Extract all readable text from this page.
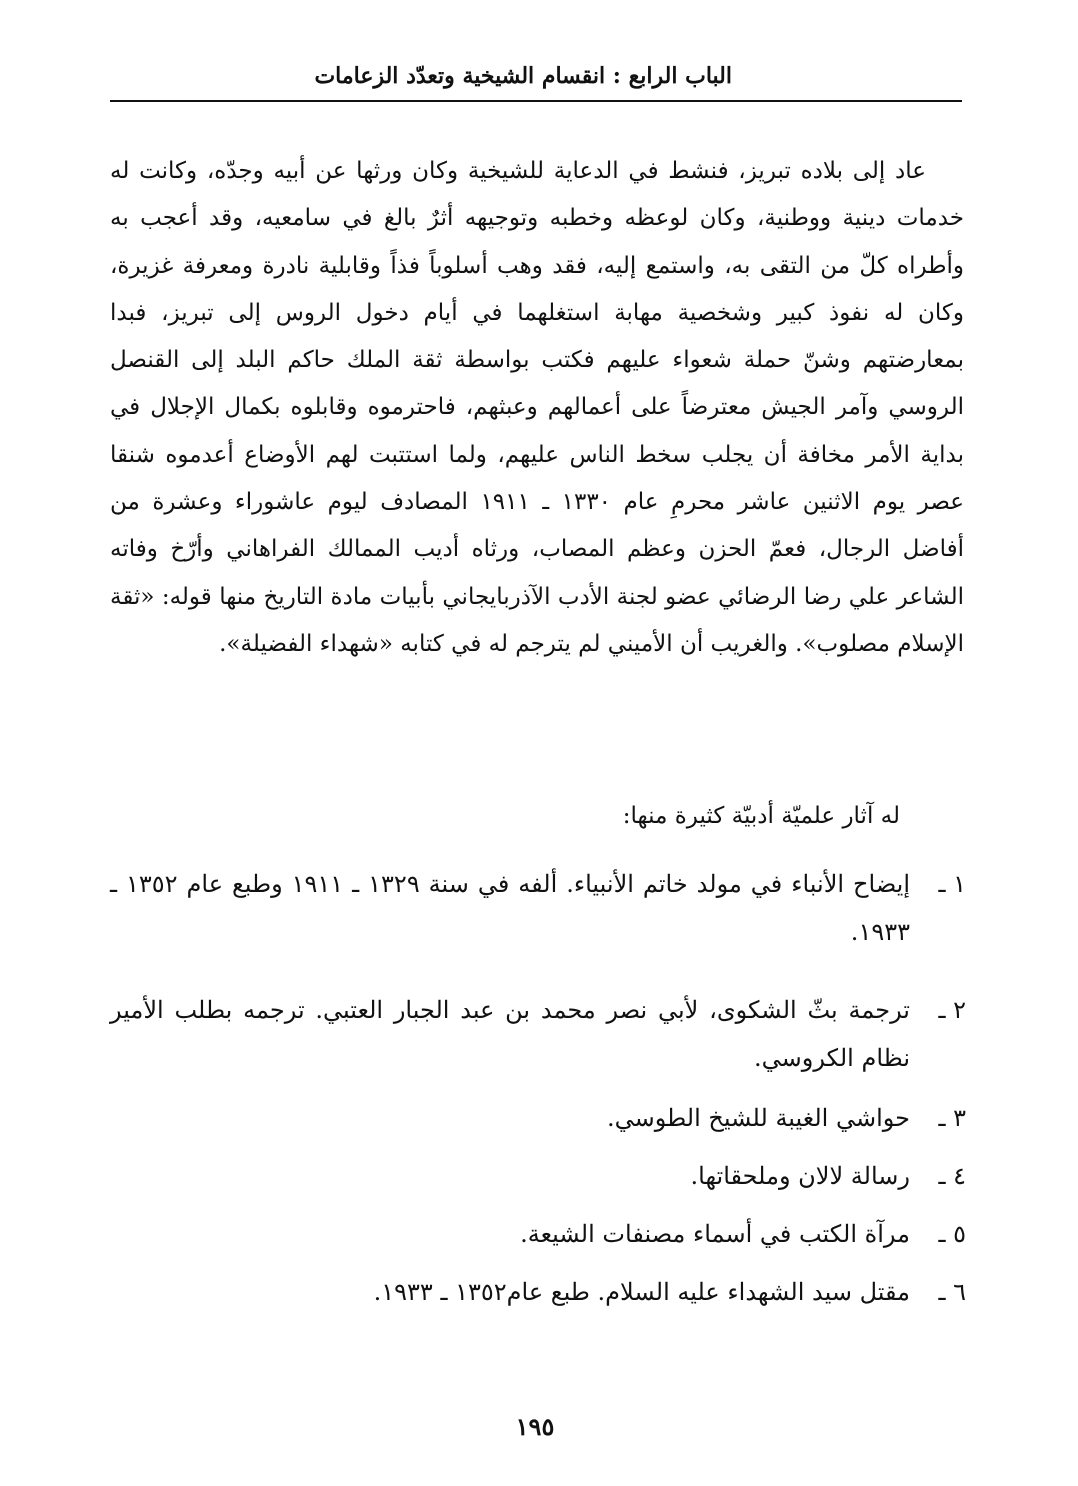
الباب الرابع : انقسام الشيخية وتعدّد الزعامات

عاد إلى بلاده تبريز، فنشط في الدعاية للشيخية وكان ورثها عن أبيه وجدّه، وكانت له خدمات دينية ووطنية، وكان لوعظه وخطبه وتوجيهه أثرٌ بالغ في سامعيه، وقد أعجب به وأطراه كلّ من التقى به، واستمع إليه، فقد وهب أسلوباً فذاً وقابلية نادرة ومعرفة غزيرة، وكان له نفوذ كبير وشخصية مهابة استغلهما في أيام دخول الروس إلى تبريز، فبدا بمعارضتهم وشنّ حملة شعواء عليهم فكتب بواسطة ثقة الملك حاكم البلد إلى القنصل الروسي وآمر الجيش معترضاً على أعمالهم وعبثهم، فاحترموه وقابلوه بكمال الإجلال في بداية الأمر مخافة أن يجلب سخط الناس عليهم، ولما استتبت لهم الأوضاع أعدموه شنقا عصر يوم الاثنين عاشر محرمِ عام ١٣٣٠ ـ ١٩١١ المصادف ليوم عاشوراء وعشرة من أفاضل الرجال، فعمّ الحزن وعظم المصاب، ورثاه أديب الممالك الفراهاني وأرّخ وفاته الشاعر علي رضا الرضائي عضو لجنة الأدب الآذربايجاني بأبيات مادة التاريخ منها قوله: «ثقة الإسلام مصلوب». والغريب أن الأميني لم يترجم له في كتابه «شهداء الفضيلة».

له آثار علميّة أدبيّة كثيرة منها:
١ ـ
إيضاح الأنباء في مولد خاتم الأنبياء. ألفه في سنة ١٣٢٩ ـ ١٩١١ وطبع عام ١٣٥٢ ـ ١٩٣٣.
٢ ـ
ترجمة بثّ الشكوى، لأبي نصر محمد بن عبد الجبار العتبي. ترجمه بطلب الأمير نظام الكروسي.
٣ ـ
حواشي الغيبة للشيخ الطوسي.
٤ ـ
رسالة لالان وملحقاتها.
٥ ـ
مرآة الكتب في أسماء مصنفات الشيعة.
٦ ـ
مقتل سيد الشهداء عليه السلام. طبع عام١٣٥٢ ـ ١٩٣٣.
١٩٥
